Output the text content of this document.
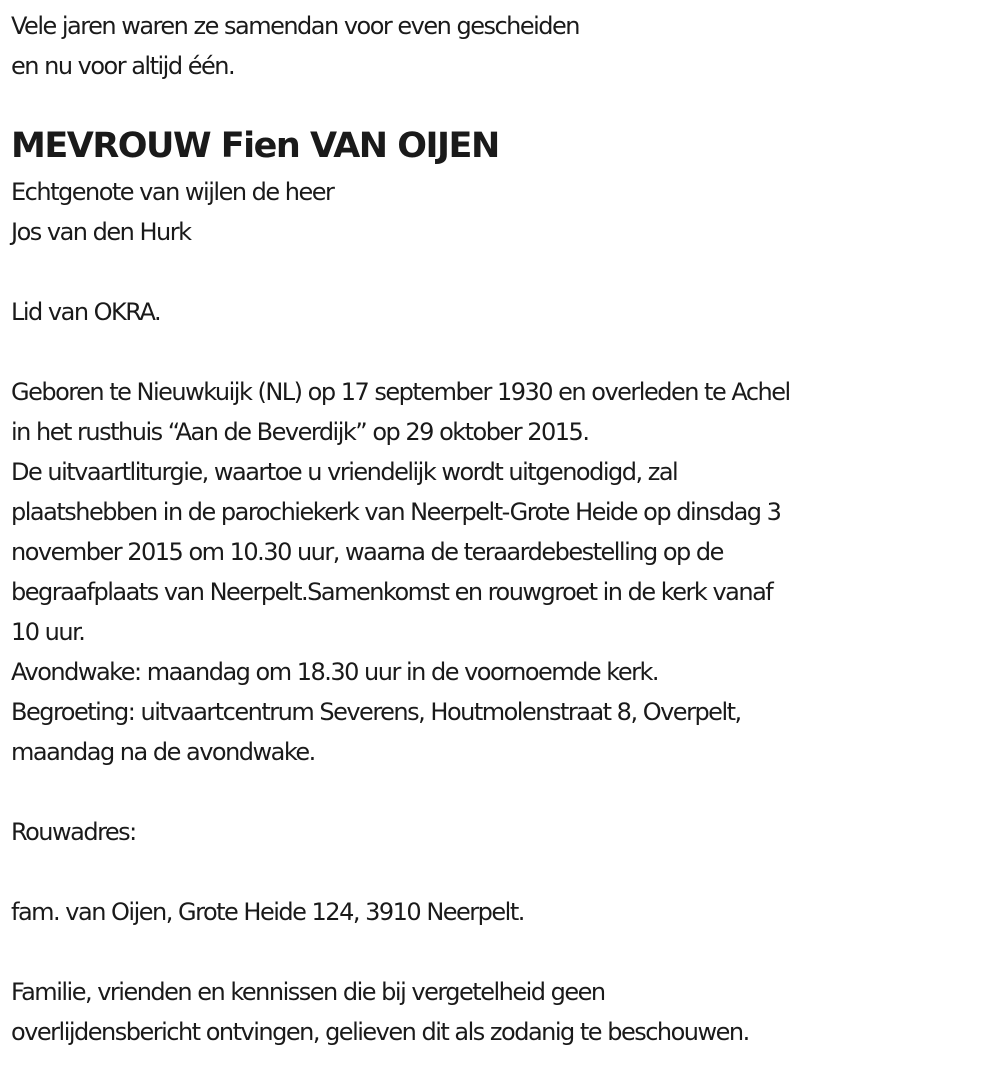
Vele jaren waren ze samendan voor even gescheiden
en nu voor altijd één.
MEVROUW Fien VAN OIJEN
Echtgenote van wijlen de heer
Jos van den Hurk
Lid van OKRA.
Geboren te Nieuwkuijk (NL) op 17 september 1930 en overleden te Achel
in het rusthuis “Aan de Beverdijk” op 29 oktober 2015.
De uitvaartliturgie, waartoe u vriendelijk wordt uitgenodigd, zal
plaatshebben in de parochiekerk van Neerpelt-Grote Heide op dinsdag 3
november 2015 om 10.30 uur, waarna de teraardebestelling op de
begraafplaats van Neerpelt.Samenkomst en rouwgroet in de kerk vanaf
10 uur.
Avondwake: maandag om 18.30 uur in de voornoemde kerk.
Begroeting: uitvaartcentrum Severens, Houtmolenstraat 8, Overpelt,
maandag na de avondwake.
Rouwadres:
fam. van Oijen, Grote Heide 124, 3910 Neerpelt.
Familie, vrienden en kennissen die bij vergetelheid geen
overlijdensbericht ontvingen, gelieven dit als zodanig te beschouwen.
